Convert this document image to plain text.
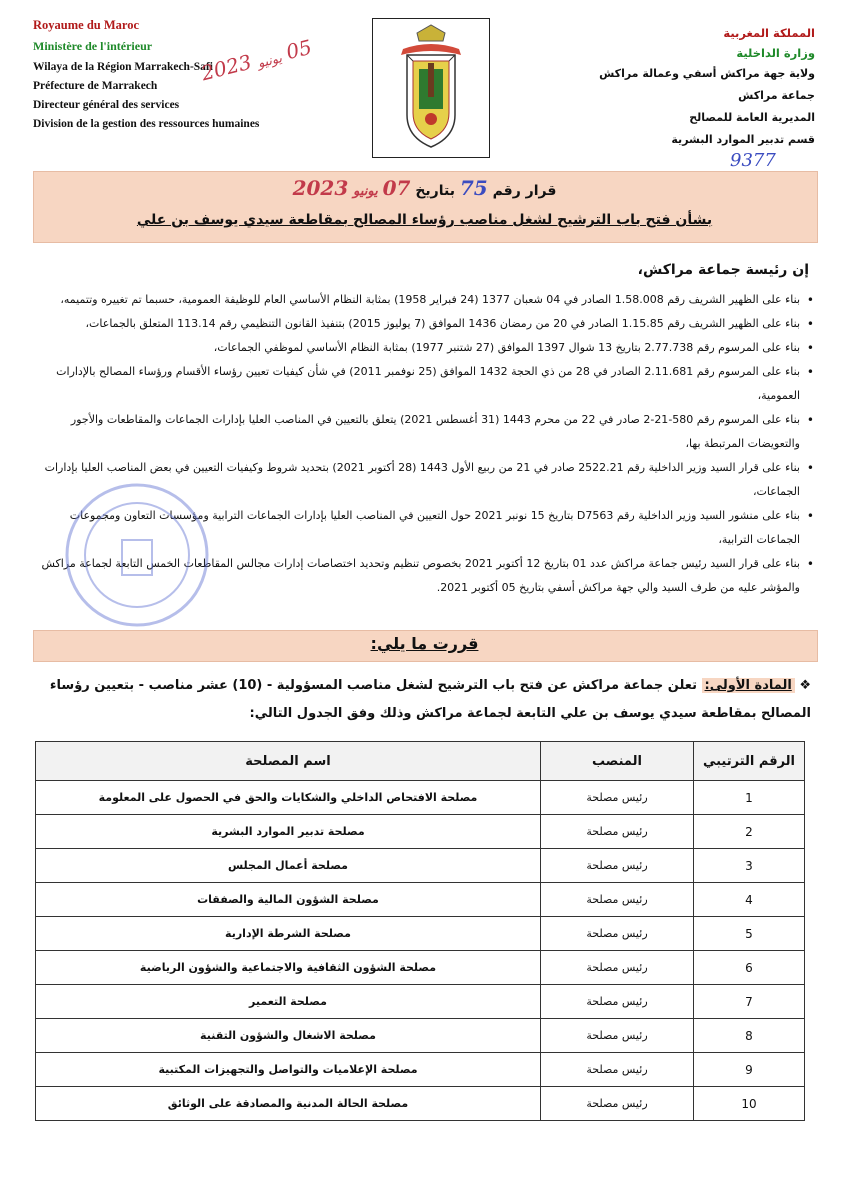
Royaume du Maroc
Ministère de l'intérieur
Wilaya de la Région Marrakech-Safi
Préfecture de Marrakech
Directeur général des services
Division de la gestion des ressources humaines
2023 يونيو 05
المملكة المغربية
وزارة الداخلية
ولاية جهة مراكش أسفي وعمالة مراكش
جماعة مراكش
المديرية العامة للمصالح
قسم تدبير الموارد البشرية
9377
قرار رقم 75 بتاريخ 07 يونيو 2023
بشأن فتح باب الترشيح لشغل مناصب رؤساء المصالح بمقاطعة سيدي يوسف بن علي
إن رئيسة جماعة مراكش،
• بناء على الظهير الشريف رقم 1.58.008 الصادر في 04 شعبان 1377 (24 فبراير 1958) بمثابة النظام الأساسي العام للوظيفة العمومية، حسبما تم تغييره وتتميمه،
• بناء على الظهير الشريف رقم 1.15.85 الصادر في 20 من رمضان 1436 الموافق (7 يوليوز 2015) بتنفيذ القانون التنظيمي رقم 113.14 المتعلق بالجماعات،
• بناء على المرسوم رقم 2.77.738 بتاريخ 13 شوال 1397 الموافق (27 شتنبر 1977) بمثابة النظام الأساسي لموظفي الجماعات،
• بناء على المرسوم رقم 2.11.681 الصادر في 28 من ذي الحجة 1432 الموافق (25 نوفمبر 2011) في شأن كيفيات تعيين رؤساء الأقسام ورؤساء المصالح بالإدارات العمومية،
• بناء على المرسوم رقم 580-21-2 صادر في 22 من محرم 1443 (31 أغسطس 2021) يتعلق بالتعيين في المناصب العليا بإدارات الجماعات والمقاطعات والأجور والتعويضات المرتبطة بها،
• بناء على قرار السيد وزير الداخلية رقم 2522.21 صادر في 21 من ربيع الأول 1443 (28 أكتوبر 2021) بتحديد شروط وكيفيات التعيين في بعض المناصب العليا بإدارات الجماعات،
• بناء على منشور السيد وزير الداخلية رقم D7563 بتاريخ 15 نونبر 2021 حول التعيين في المناصب العليا بإدارات الجماعات الترابية ومؤسسات التعاون ومجموعات الجماعات الترابية،
• بناء على قرار السيد رئيس جماعة مراكش عدد 01 بتاريخ 12 أكتوبر 2021 بخصوص تنظيم وتحديد اختصاصات إدارات مجالس المقاطعات الخمس التابعة لجماعة مراكش والمؤشر عليه من طرف السيد والي جهة مراكش أسفي بتاريخ 05 أكتوبر 2021.
قررت ما يلي:
❖ المادة الأولى: تعلن جماعة مراكش عن فتح باب الترشيح لشغل مناصب المسؤولية - (10) عشر مناصب - بتعيين رؤساء المصالح بمقاطعة سيدي يوسف بن علي التابعة لجماعة مراكش وذلك وفق الجدول التالي:
الرقم الترتيبي	المنصب	اسم المصلحة
1	رئيس مصلحة	مصلحة الافتحاص الداخلي والشكايات والحق في الحصول على المعلومة
2	رئيس مصلحة	مصلحة تدبير الموارد البشرية
3	رئيس مصلحة	مصلحة أعمال المجلس
4	رئيس مصلحة	مصلحة الشؤون المالية والصفقات
5	رئيس مصلحة	مصلحة الشرطة الإدارية
6	رئيس مصلحة	مصلحة الشؤون الثقافية والاجتماعية والشؤون الرياضية
7	رئيس مصلحة	مصلحة التعمير
8	رئيس مصلحة	مصلحة الاشغال والشؤون التقنية
9	رئيس مصلحة	مصلحة الإعلاميات والتواصل والتجهيزات المكتبية
10	رئيس مصلحة	مصلحة الحالة المدنية والمصادقة على الوثائق
